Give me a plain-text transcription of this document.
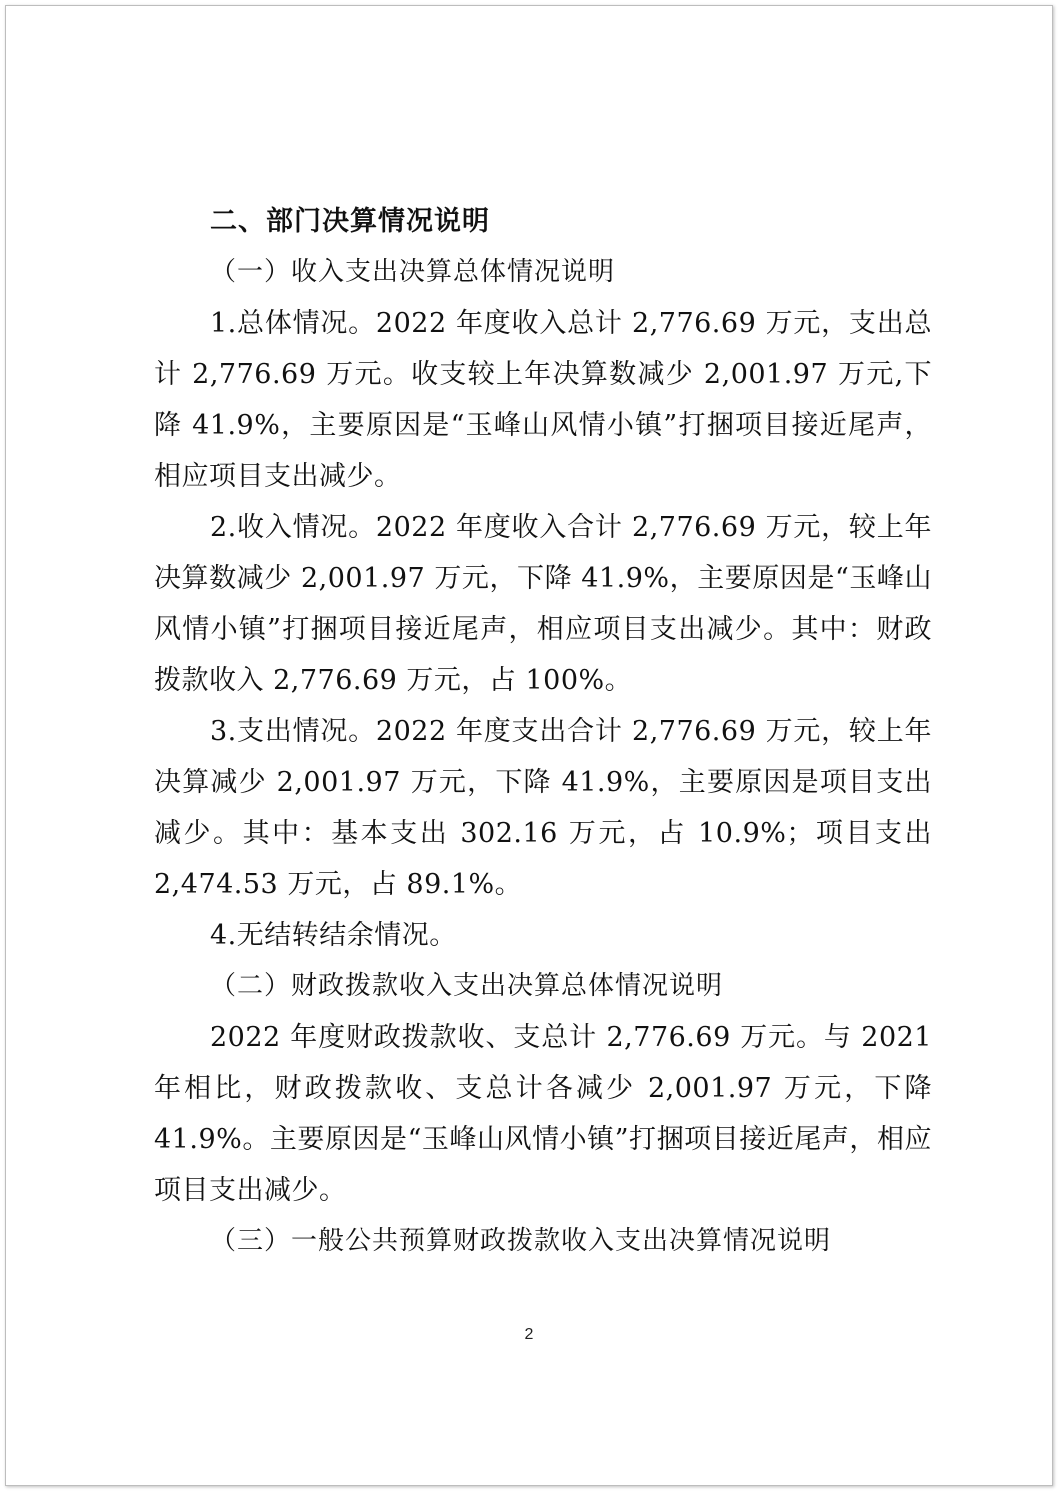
二、部门决算情况说明
（一）收入支出决算总体情况说明

1.总体情况。2022 年度收入总计 2,776.69 万元，支出总计 2,776.69 万元。收支较上年决算数减少 2,001.97 万元,下降 41.9%，主要原因是“玉峰山风情小镇”打捆项目接近尾声，相应项目支出减少。

2.收入情况。2022 年度收入合计 2,776.69 万元，较上年决算数减少 2,001.97 万元，下降 41.9%，主要原因是“玉峰山风情小镇”打捆项目接近尾声，相应项目支出减少。其中：财政拨款收入 2,776.69 万元，占 100%。

3.支出情况。2022 年度支出合计 2,776.69 万元，较上年决算减少 2,001.97 万元，下降 41.9%，主要原因是项目支出减少。其中：基本支出 302.16 万元，占 10.9%；项目支出 2,474.53 万元，占 89.1%。

4.无结转结余情况。

（二）财政拨款收入支出决算总体情况说明

2022 年度财政拨款收、支总计 2,776.69 万元。与 2021 年相比，财政拨款收、支总计各减少 2,001.97 万元，下降 41.9%。主要原因是“玉峰山风情小镇”打捆项目接近尾声，相应项目支出减少。

（三）一般公共预算财政拨款收入支出决算情况说明
2
